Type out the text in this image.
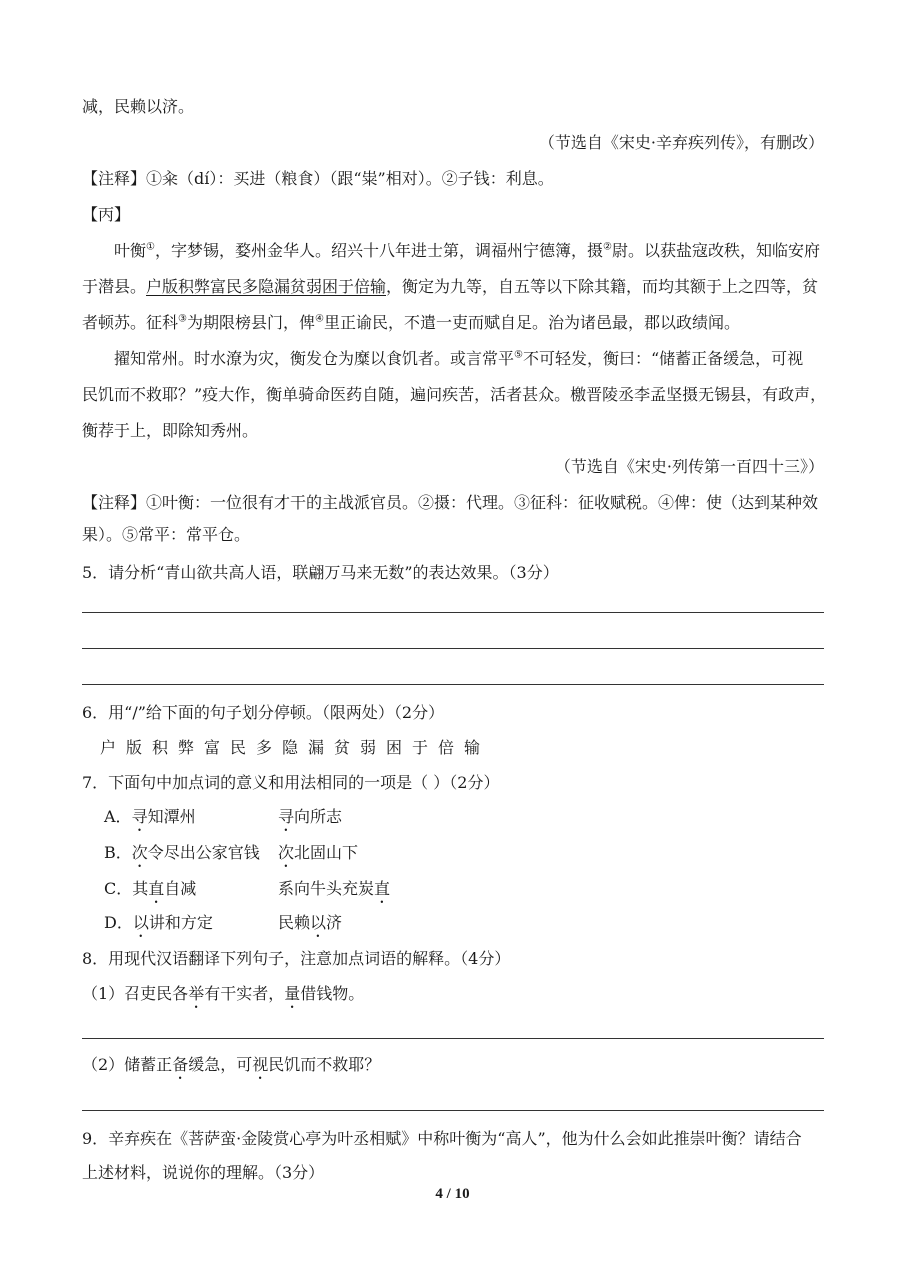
减，民赖以济。
（节选自《宋史·辛弃疾列传》，有删改）
【注释】①籴（dí）：买进（粮食）（跟“粜”相对）。②子钱：利息。
【丙】
叶衡①，字梦锡，婺州金华人。绍兴十八年进士第，调福州宁德簿，摄②尉。以获盐寇改秩，知临安府
于潜县。户版积弊富民多隐漏贫弱困于倍输，衡定为九等，自五等以下除其籍，而均其额于上之四等，贫
者顿苏。征科③为期限榜县门，俾④里正谕民，不遣一吏而赋自足。治为诸邑最，郡以政绩闻。
擢知常州。时水潦为灾，衡发仓为糜以食饥者。或言常平⑤不可轻发，衡曰：“储蓄正备缓急，可视
民饥而不救耶？”疫大作，衡单骑命医药自随，遍问疾苦，活者甚众。檄晋陵丞李孟坚摄无锡县，有政声，
衡荐于上，即除知秀州。
（节选自《宋史·列传第一百四十三》）
【注释】①叶衡：一位很有才干的主战派官员。②摄：代理。③征科：征收赋税。④俾：使（达到某种效
果）。⑤常平：常平仓。
5．请分析“青山欲共高人语，联翩万马来无数”的表达效果。（3分）
6．用“/”给下面的句子划分停顿。（限两处）（2分）
户版积弊富民多隐漏贫弱困于倍输
7．下面句中加点词的意义和用法相同的一项是（ ）（2分）
A．寻知潭州	寻向所志
B．次令尽出公家官钱 次北固山下
C．其直自减	系向牛头充炭直
D．以讲和方定	民赖以济
8．用现代汉语翻译下列句子，注意加点词语的解释。（4分）
（1）召吏民各举有干实者，量借钱物。
（2）储蓄正备缓急，可视民饥而不救耶？
9．辛弃疾在《菩萨蛮·金陵赏心亭为叶丞相赋》中称叶衡为“高人”，他为什么会如此推崇叶衡？请结合
上述材料，说说你的理解。（3分）
4 / 10
